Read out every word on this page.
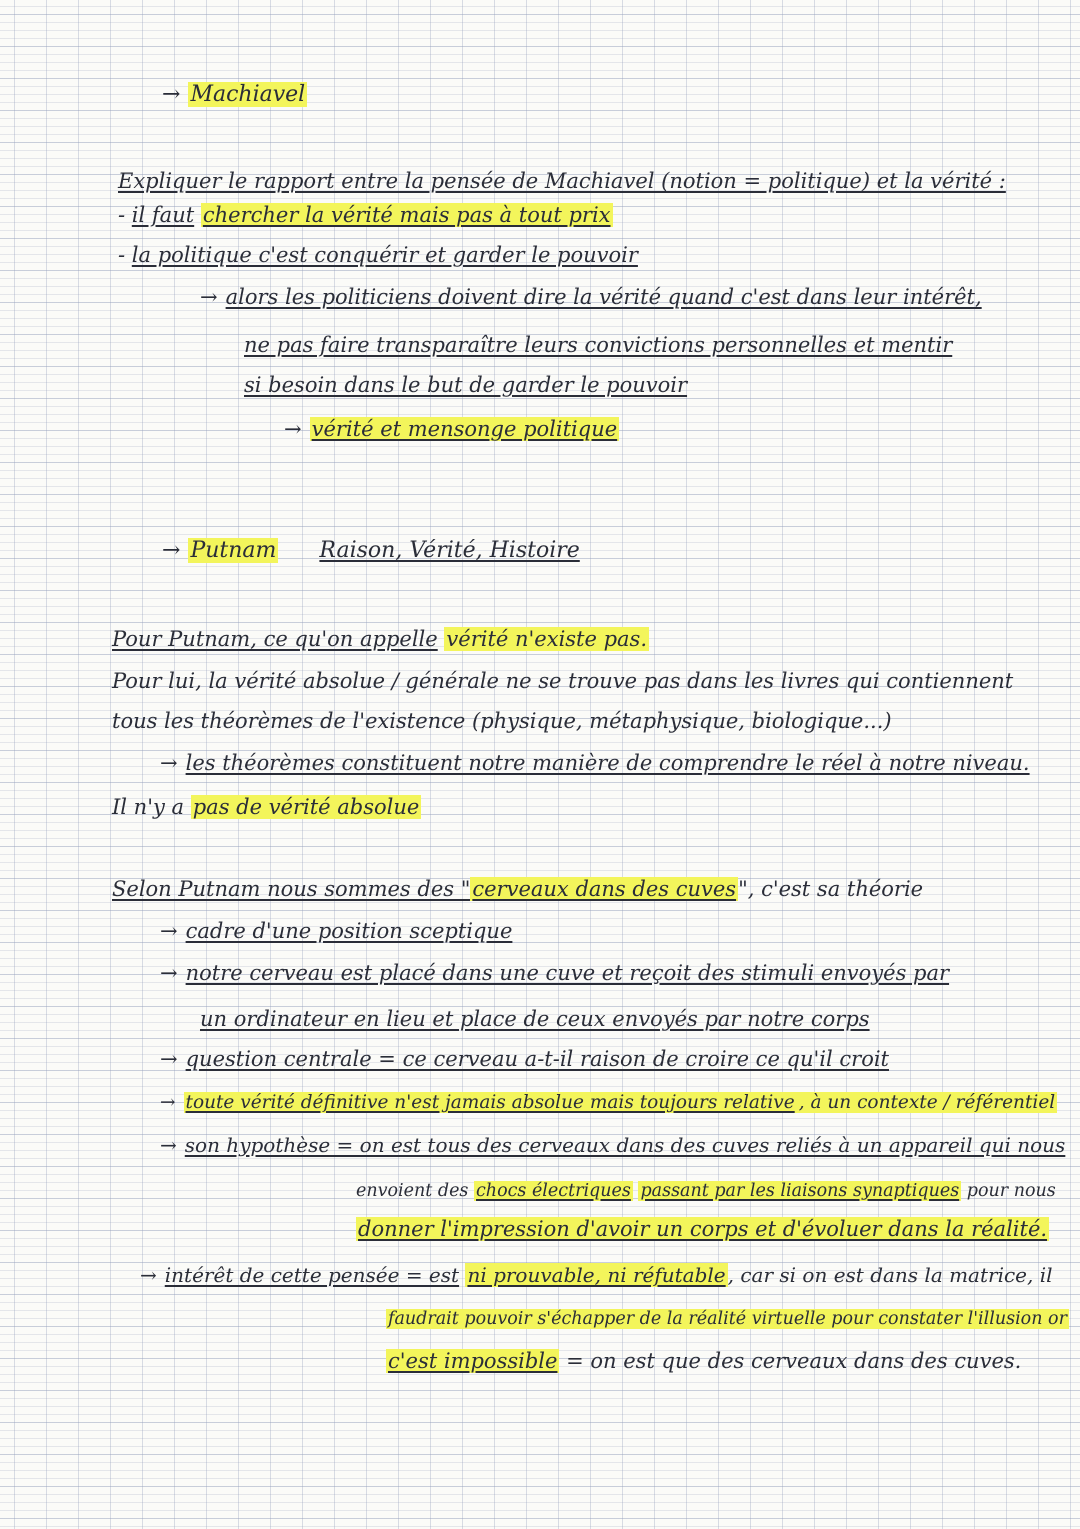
→ Machiavel
Expliquer le rapport entre la pensée de Machiavel (notion = politique) et la vérité :
- il faut chercher la vérité mais pas à tout prix
- la politique c'est conquérir et garder le pouvoir
→ alors les politiciens doivent dire la vérité quand c'est dans leur intérêt,
ne pas faire transparaître leurs convictions personnelles et mentir
si besoin dans le but de garder le pouvoir
→ vérité et mensonge politique
→ Putnam Raison, Vérité, Histoire
Pour Putnam, ce qu'on appelle vérité n'existe pas.
Pour lui, la vérité absolue / générale ne se trouve pas dans les livres qui contiennent
tous les théorèmes de l'existence (physique, métaphysique, biologique...)
→ les théorèmes constituent notre manière de comprendre le réel à notre niveau.
Il n'y a pas de vérité absolue
Selon Putnam nous sommes des "cerveaux dans des cuves", c'est sa théorie
→ cadre d'une position sceptique
→ notre cerveau est placé dans une cuve et reçoit des stimuli envoyés par
un ordinateur en lieu et place de ceux envoyés par notre corps
→ question centrale = ce cerveau a-t-il raison de croire ce qu'il croit
→ toute vérité définitive n'est jamais absolue mais toujours relative , à un contexte / référentiel
→ son hypothèse = on est tous des cerveaux dans des cuves reliés à un appareil qui nous
envoient des chocs électriques passant par les liaisons synaptiques pour nous
donner l'impression d'avoir un corps et d'évoluer dans la réalité.
→ intérêt de cette pensée = est ni prouvable, ni réfutable , car si on est dans la matrice, il
faudrait pouvoir s'échapper de la réalité virtuelle pour constater l'illusion or
c'est impossible = on est que des cerveaux dans des cuves.
